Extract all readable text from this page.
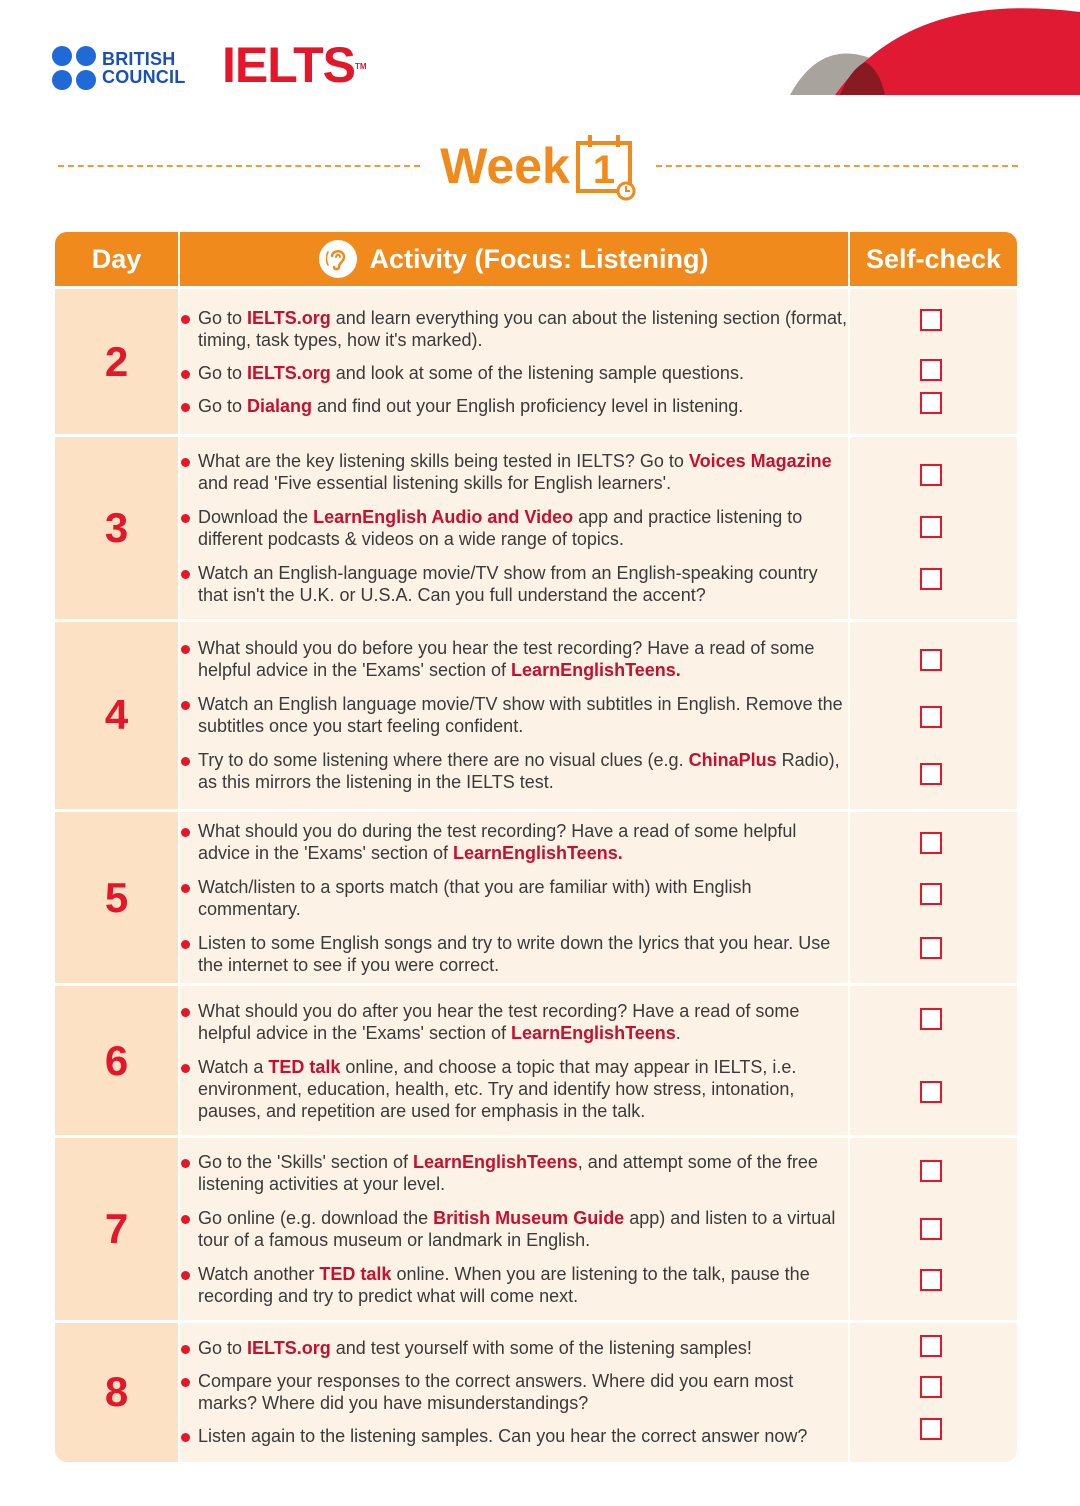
BRITISH
COUNCIL IELTS™
Week 1
Day	Activity (Focus: Listening)	Self-check
2	Go to IELTS.org and learn everything you can about the listening section (format, timing, task types, how it's marked).
Go to IELTS.org and look at some of the listening sample questions.
Go to Dialang and find out your English proficiency level in listening.	

3	What are the key listening skills being tested in IELTS? Go to Voices Magazine and read 'Five essential listening skills for English learners'.
Download the LearnEnglish Audio and Video app and practice listening to different podcasts & videos on a wide range of topics.
Watch an English-language movie/TV show from an English-speaking country that isn't the U.K. or U.S.A. Can you full understand the accent?	

4	What should you do before you hear the test recording? Have a read of some helpful advice in the 'Exams' section of LearnEnglishTeens.
Watch an English language movie/TV show with subtitles in English. Remove the subtitles once you start feeling confident.
Try to do some listening where there are no visual clues (e.g. ChinaPlus Radio), as this mirrors the listening in the IELTS test.	

5	What should you do during the test recording? Have a read of some helpful advice in the 'Exams' section of LearnEnglishTeens.
Watch/listen to a sports match (that you are familiar with) with English commentary.
Listen to some English songs and try to write down the lyrics that you hear. Use the internet to see if you were correct.	

6	What should you do after you hear the test recording? Have a read of some helpful advice in the 'Exams' section of LearnEnglishTeens.
Watch a TED talk online, and choose a topic that may appear in IELTS, i.e. environment, education, health, etc. Try and identify how stress, intonation, pauses, and repetition are used for emphasis in the talk.	

7	Go to the 'Skills' section of LearnEnglishTeens, and attempt some of the free listening activities at your level.
Go online (e.g. download the British Museum Guide app) and listen to a virtual tour of a famous museum or landmark in English.
Watch another TED talk online. When you are listening to the talk, pause the recording and try to predict what will come next.	

8	Go to IELTS.org and test yourself with some of the listening samples!
Compare your responses to the correct answers. Where did you earn most marks? Where did you have misunderstandings?
Listen again to the listening samples. Can you hear the correct answer now?	
